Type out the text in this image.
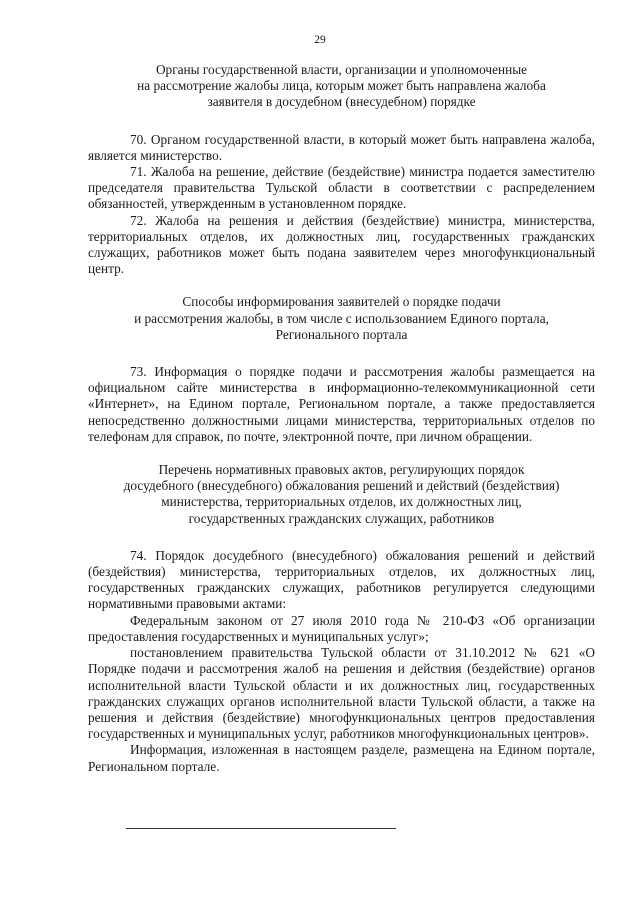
29

Органы государственной власти, организации и уполномоченные
на рассмотрение жалобы лица, которым может быть направлена жалоба
заявителя в досудебном (внесудебном) порядке

70. Органом государственной власти, в который может быть направлена жалоба, является министерство.

71. Жалоба на решение, действие (бездействие) министра подается заместителю председателя правительства Тульской области в соответствии с распределением обязанностей, утвержденным в установленном порядке.

72. Жалоба на решения и действия (бездействие) министра, министерства, территориальных отделов, их должностных лиц, государственных гражданских служащих, работников может быть подана заявителем через многофункциональный центр.

Способы информирования заявителей о порядке подачи
и рассмотрения жалобы, в том числе с использованием Единого портала,
Регионального портала

73. Информация о порядке подачи и рассмотрения жалобы размещается на официальном сайте министерства в информационно-телекоммуникационной сети «Интернет», на Едином портале, Региональном портале, а также предоставляется непосредственно должностными лицами министерства, территориальных отделов по телефонам для справок, по почте, электронной почте, при личном обращении.

Перечень нормативных правовых актов, регулирующих порядок
досудебного (внесудебного) обжалования решений и действий (бездействия)
министерства, территориальных отделов, их должностных лиц,
государственных гражданских служащих, работников

74. Порядок досудебного (внесудебного) обжалования решений и действий (бездействия) министерства, территориальных отделов, их должностных лиц, государственных гражданских служащих, работников регулируется следующими нормативными правовыми актами:

Федеральным законом от 27 июля 2010 года № 210-ФЗ «Об организации предоставления государственных и муниципальных услуг»;

постановлением правительства Тульской области от 31.10.2012 № 621 «О Порядке подачи и рассмотрения жалоб на решения и действия (бездействие) органов исполнительной власти Тульской области и их должностных лиц, государственных гражданских служащих органов исполнительной власти Тульской области, а также на решения и действия (бездействие) многофункциональных центров предоставления государственных и муниципальных услуг, работников многофункциональных центров».

Информация, изложенная в настоящем разделе, размещена на Едином портале, Региональном портале.
